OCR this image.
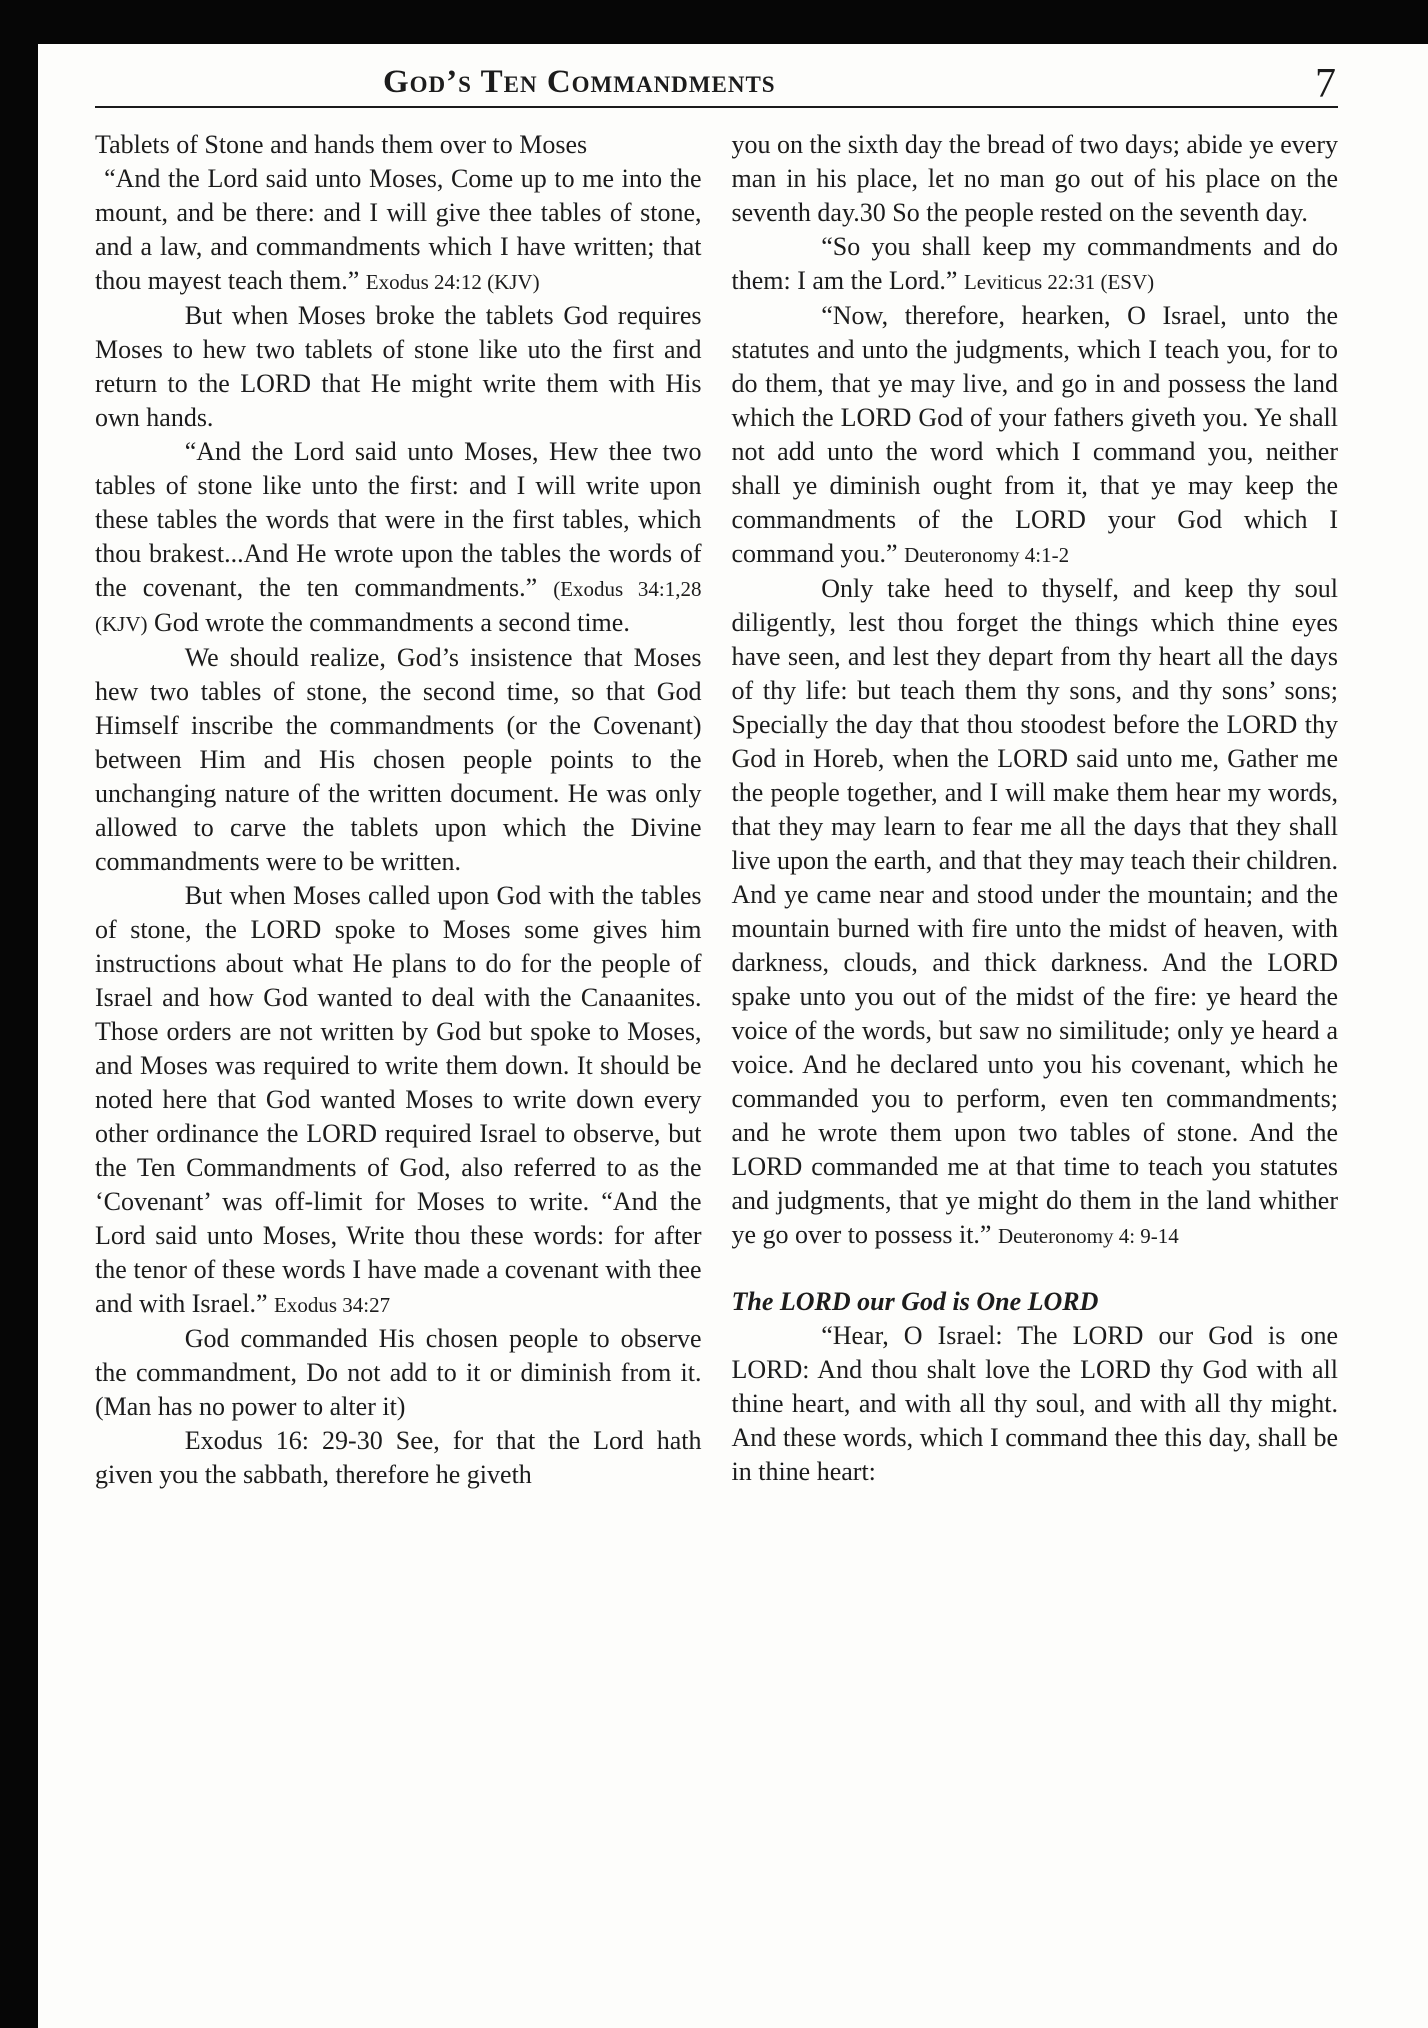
God’s Ten Commandments	7

Tablets of Stone and hands them over to Moses

“And the Lord said unto Moses, Come up to me into the mount, and be there: and I will give thee tables of stone, and a law, and commandments which I have written; that thou mayest teach them.” Exodus 24:12 (KJV)

But when Moses broke the tablets God requires Moses to hew two tablets of stone like uto the first and return to the LORD that He might write them with His own hands.

“And the Lord said unto Moses, Hew thee two tables of stone like unto the first: and I will write upon these tables the words that were in the first tables, which thou brakest...And He wrote upon the tables the words of the covenant, the ten commandments.” (Exodus 34:1,28 (KJV) God wrote the commandments a second time.

We should realize, God’s insistence that Moses hew two tables of stone, the second time, so that God Himself inscribe the commandments (or the Covenant) between Him and His chosen people points to the unchanging nature of the written document. He was only allowed to carve the tablets upon which the Divine commandments were to be written.

But when Moses called upon God with the tables of stone, the LORD spoke to Moses some gives him instructions about what He plans to do for the people of Israel and how God wanted to deal with the Canaanites. Those orders are not written by God but spoke to Moses, and Moses was required to write them down. It should be noted here that God wanted Moses to write down every other ordinance the LORD required Israel to observe, but the Ten Commandments of God, also referred to as the ‘Covenant’ was off-limit for Moses to write. “And the Lord said unto Moses, Write thou these words: for after the tenor of these words I have made a covenant with thee and with Israel.” Exodus 34:27

God commanded His chosen people to observe the commandment, Do not add to it or diminish from it. (Man has no power to alter it)

Exodus 16: 29-30 See, for that the Lord hath given you the sabbath, therefore he giveth

you on the sixth day the bread of two days; abide ye every man in his place, let no man go out of his place on the seventh day.30 So the people rested on the seventh day.

“So you shall keep my commandments and do them: I am the Lord.” Leviticus 22:31 (ESV)

“Now, therefore, hearken, O Israel, unto the statutes and unto the judgments, which I teach you, for to do them, that ye may live, and go in and possess the land which the LORD God of your fathers giveth you. Ye shall not add unto the word which I command you, neither shall ye diminish ought from it, that ye may keep the commandments of the LORD your God which I command you.” Deuteronomy 4:1-2

Only take heed to thyself, and keep thy soul diligently, lest thou forget the things which thine eyes have seen, and lest they depart from thy heart all the days of thy life: but teach them thy sons, and thy sons’ sons; Specially the day that thou stoodest before the LORD thy God in Horeb, when the LORD said unto me, Gather me the people together, and I will make them hear my words, that they may learn to fear me all the days that they shall live upon the earth, and that they may teach their children. And ye came near and stood under the mountain; and the mountain burned with fire unto the midst of heaven, with darkness, clouds, and thick darkness. And the LORD spake unto you out of the midst of the fire: ye heard the voice of the words, but saw no similitude; only ye heard a voice. And he declared unto you his covenant, which he commanded you to perform, even ten commandments; and he wrote them upon two tables of stone. And the LORD commanded me at that time to teach you statutes and judgments, that ye might do them in the land whither ye go over to possess it.” Deuteronomy 4: 9-14

The LORD our God is One LORD

“Hear, O Israel: The LORD our God is one LORD: And thou shalt love the LORD thy God with all thine heart, and with all thy soul, and with all thy might. And these words, which I command thee this day, shall be in thine heart:
